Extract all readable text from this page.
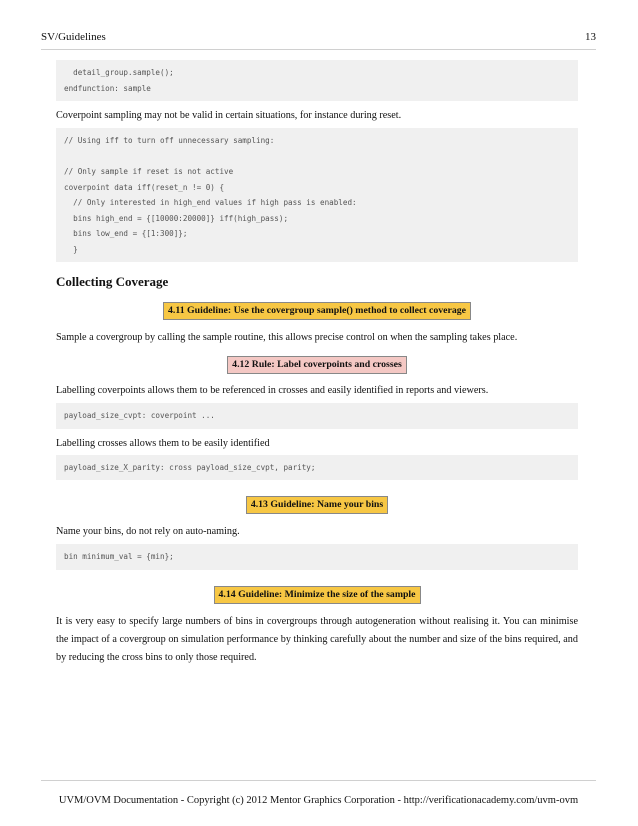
SV/Guidelines	13
detail_group.sample();
endfunction: sample

Coverpoint sampling may not be valid in certain situations, for instance during reset.

// Using iff to turn off unnecessary sampling:
// Only sample if reset is not active
coverpoint data iff(reset_n != 0) {
// Only interested in high_end values if high pass is enabled:
bins high_end = {[10000:20000]} iff(high_pass);
bins low_end = {[1:300]};
}
Collecting Coverage
4.11 Guideline: Use the covergroup sample() method to collect coverage

Sample a covergroup by calling the sample routine, this allows precise control on when the sampling takes place.

4.12 Rule: Label coverpoints and crosses

Labelling coverpoints allows them to be referenced in crosses and easily identified in reports and viewers.

payload_size_cvpt: coverpoint ...

Labelling crosses allows them to be easily identified

payload_size_X_parity: cross payload_size_cvpt, parity;
4.13 Guideline: Name your bins

Name your bins, do not rely on auto-naming.

bin minimum_val = {min};
4.14 Guideline: Minimize the size of the sample

It is very easy to specify large numbers of bins in covergroups through autogeneration without realising it. You can minimise the impact of a covergroup on simulation performance by thinking carefully about the number and size of the bins required, and by reducing the cross bins to only those required.

UVM/OVM Documentation - Copyright (c) 2012 Mentor Graphics Corporation - http://verificationacademy.com/uvm-ovm
